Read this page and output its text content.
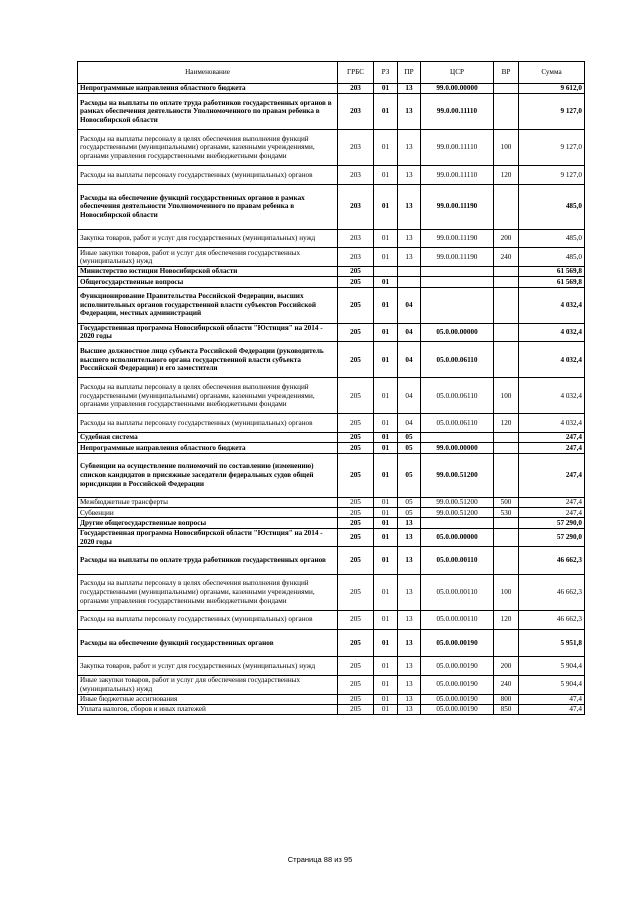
Наименование	ГРБС	РЗ	ПР	ЦСР	ВР	Сумма
Непрограммные направления областного бюджета	203	01	13	99.0.00.00000		9 612,0
Расходы на выплаты по оплате труда работников государственных органов в рамках обеспечения деятельности Уполномоченного по правам ребенка в Новосибирской области	203	01	13	99.0.00.11110		9 127,0
Расходы на выплаты персоналу в целях обеспечения выполнения функций государственными (муниципальными) органами, казенными учреждениями, органами управления государственными внебюджетными фондами	203	01	13	99.0.00.11110	100	9 127,0
Расходы на выплаты персоналу государственных (муниципальных) органов	203	01	13	99.0.00.11110	120	9 127,0
Расходы на обеспечение функций государственных органов в рамках обеспечения деятельности Уполномоченного по правам ребенка в Новосибирской области	203	01	13	99.0.00.11190		485,0
Закупка товаров, работ и услуг для государственных (муниципальных) нужд	203	01	13	99.0.00.11190	200	485,0
Иные закупки товаров, работ и услуг для обеспечения государственных (муниципальных) нужд	203	01	13	99.0.00.11190	240	485,0
Министерство юстиции Новосибирской области	205					61 569,8
Общегосударственные вопросы	205	01				61 569,8
Функционирование Правительства Российской Федерации, высших исполнительных органов государственной власти субъектов Российской Федерации, местных администраций	205	01	04			4 032,4
Государственная программа Новосибирской области "Юстиция" на 2014 - 2020 годы	205	01	04	05.0.00.00000		4 032,4
Высшее должностное лицо субъекта Российской Федерации (руководитель высшего исполнительного органа государственной власти субъекта Российской Федерации) и его заместители	205	01	04	05.0.00.06110		4 032,4
Расходы на выплаты персоналу в целях обеспечения выполнения функций государственными (муниципальными) органами, казенными учреждениями, органами управления государственными внебюджетными фондами	205	01	04	05.0.00.06110	100	4 032,4
Расходы на выплаты персоналу государственных (муниципальных) органов	205	01	04	05.0.00.06110	120	4 032,4
Судебная система	205	01	05			247,4
Непрограммные направления областного бюджета	205	01	05	99.0.00.00000		247,4
Субвенции на осуществление полномочий по составлению (изменению) списков кандидатов в присяжные заседатели федеральных судов общей юрисдикции в Российской Федерации	205	01	05	99.0.00.51200		247,4
Межбюджетные трансферты	205	01	05	99.0.00.51200	500	247,4
Субвенции	205	01	05	99.0.00.51200	530	247,4
Другие общегосударственные вопросы	205	01	13			57 290,0
Государственная программа Новосибирской области "Юстиция" на 2014 - 2020 годы	205	01	13	05.0.00.00000		57 290,0
Расходы на выплаты по оплате труда работников государственных органов	205	01	13	05.0.00.00110		46 662,3
Расходы на выплаты персоналу в целях обеспечения выполнения функций государственными (муниципальными) органами, казенными учреждениями, органами управления государственными внебюджетными фондами	205	01	13	05.0.00.00110	100	46 662,3
Расходы на выплаты персоналу государственных (муниципальных) органов	205	01	13	05.0.00.00110	120	46 662,3
Расходы на обеспечение функций государственных органов	205	01	13	05.0.00.00190		5 951,8
Закупка товаров, работ и услуг для государственных (муниципальных) нужд	205	01	13	05.0.00.00190	200	5 904,4
Иные закупки товаров, работ и услуг для обеспечения государственных (муниципальных) нужд	205	01	13	05.0.00.00190	240	5 904,4
Иные бюджетные ассигнования	205	01	13	05.0.00.00190	800	47,4
Уплата налогов, сборов и иных платежей	205	01	13	05.0.00.00190	850	47,4
Страница 88 из 95
